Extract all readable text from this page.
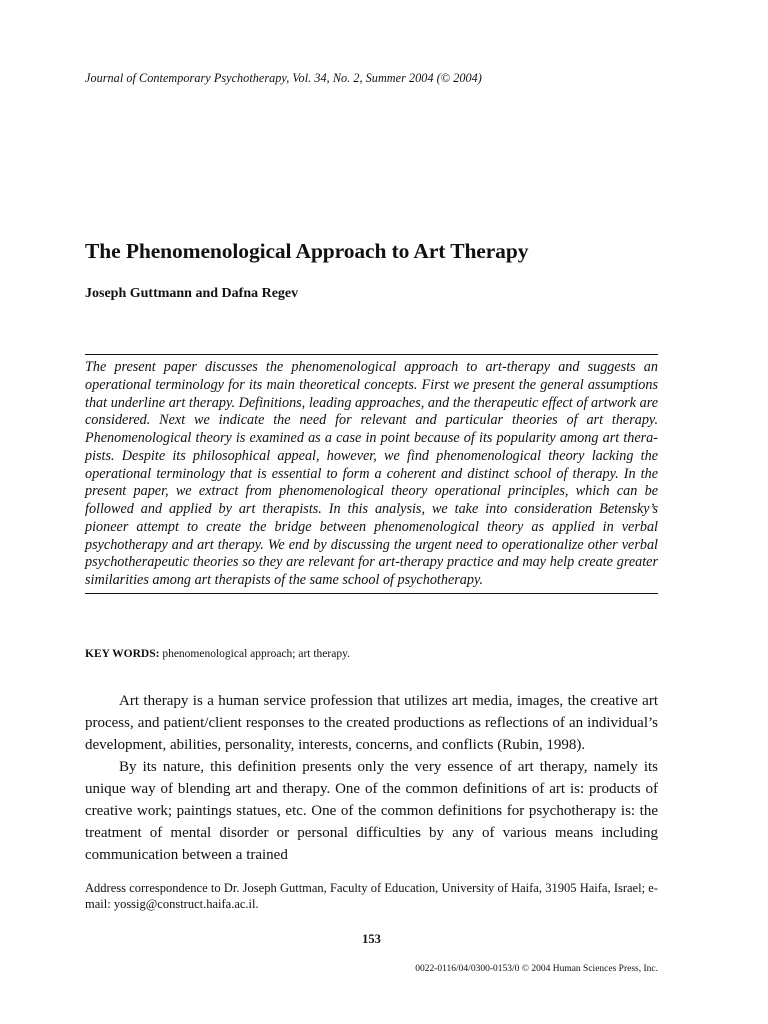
Journal of Contemporary Psychotherapy, Vol. 34, No. 2, Summer 2004 (© 2004)
The Phenomenological Approach to Art Therapy
Joseph Guttmann and Dafna Regev

The present paper discusses the phenomenological approach to art-therapy and suggests an operational terminology for its main theoretical concepts. First we present the general assumptions that underline art therapy. Definitions, leading approaches, and the therapeutic effect of artwork are considered. Next we indicate the need for relevant and particular theories of art therapy. Phenomenological theory is examined as a case in point because of its popularity among art therapists. Despite its philosophical appeal, however, we find phenomenological theory lacking the operational terminology that is essential to form a coherent and distinct school of therapy. In the present paper, we extract from phenomenological theory operational principles, which can be followed and applied by art therapists. In this analysis, we take into consideration Betensky’s pioneer attempt to create the bridge between phenomenological theory as applied in verbal psychotherapy and art therapy. We end by discussing the urgent need to operationalize other verbal psychotherapeutic theories so they are relevant for art-therapy practice and may help create greater similarities among art therapists of the same school of psychotherapy.

KEY WORDS: phenomenological approach; art therapy.

Art therapy is a human service profession that utilizes art media, images, the creative art process, and patient/client responses to the created productions as reflections of an individual’s development, abilities, personality, interests, concerns, and conflicts (Rubin, 1998).

By its nature, this definition presents only the very essence of art therapy, namely its unique way of blending art and therapy. One of the common definitions of art is: products of creative work; paintings statues, etc. One of the common definitions for psychotherapy is: the treatment of mental disorder or personal difficulties by any of various means including communication between a trained

Address correspondence to Dr. Joseph Guttman, Faculty of Education, University of Haifa, 31905 Haifa, Israel; e-mail: yossig@construct.haifa.ac.il.

153
0022-0116/04/0300-0153/0 © 2004 Human Sciences Press, Inc.
